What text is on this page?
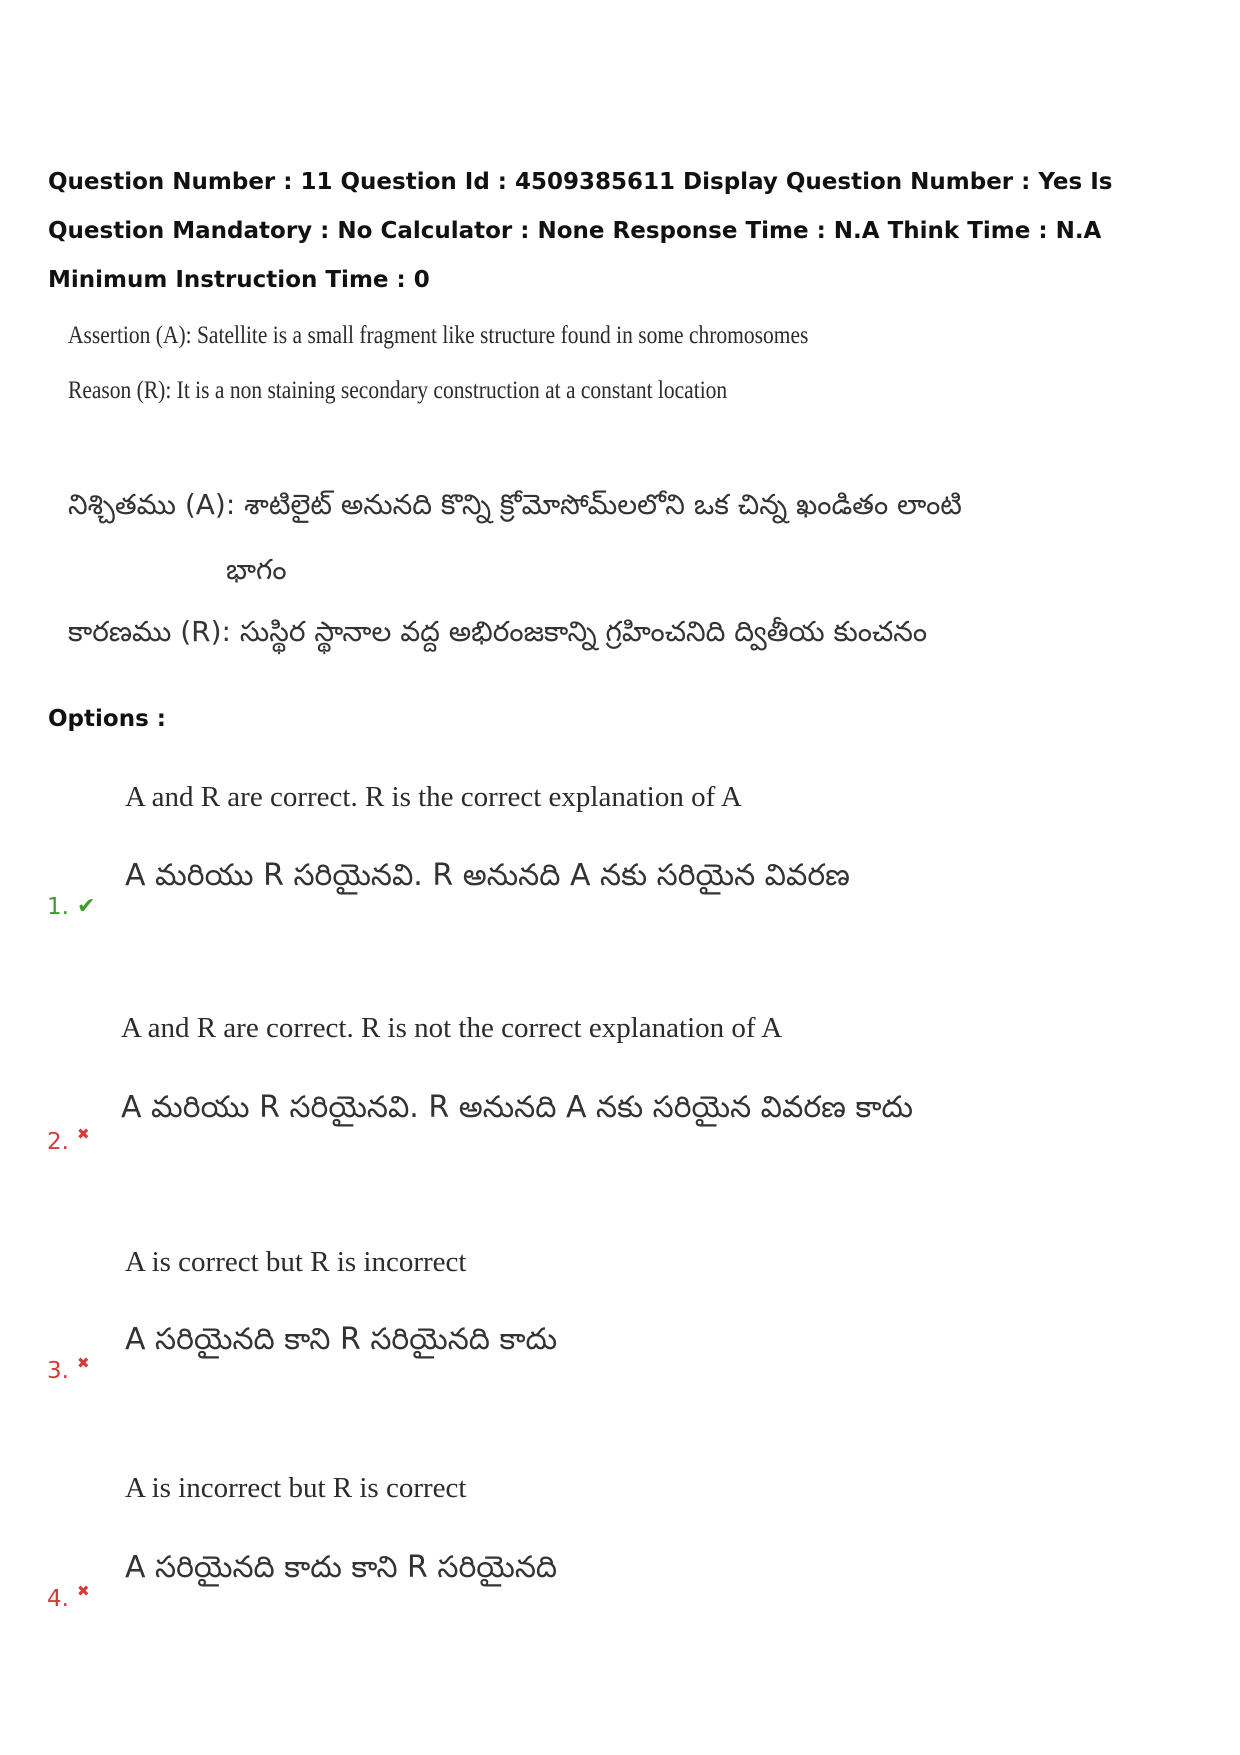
Question Number : 11 Question Id : 4509385611 Display Question Number : Yes Is Question Mandatory : No Calculator : None Response Time : N.A Think Time : N.A Minimum Instruction Time : 0
Assertion (A): Satellite is a small fragment like structure found in some chromosomes
Reason (R): It is a non staining secondary construction at a constant location
నిశ్చితము (A): శాటిలైట్ అనునది కొన్ని క్రోమోసోమ్‌లలోని ఒక చిన్న ఖండితం లాంటి
భాగం
కారణము (R): సుస్థిర స్థానాల వద్ద అభిరంజకాన్ని గ్రహించనిది ద్వితీయ కుంచనం
Options :
A and R are correct. R is the correct explanation of A
A మరియు R సరియైనవి. R అనునది A నకు సరియైన వివరణ
1. ✔
A and R are correct. R is not the correct explanation of A
A మరియు R సరియైనవి. R అనునది A నకు సరియైన వివరణ కాదు
2. ✖
A is correct but R is incorrect
A సరియైనది కాని R సరియైనది కాదు
3. ✖
A is incorrect but R is correct
A సరియైనది కాదు కాని R సరియైనది
4. ✖
